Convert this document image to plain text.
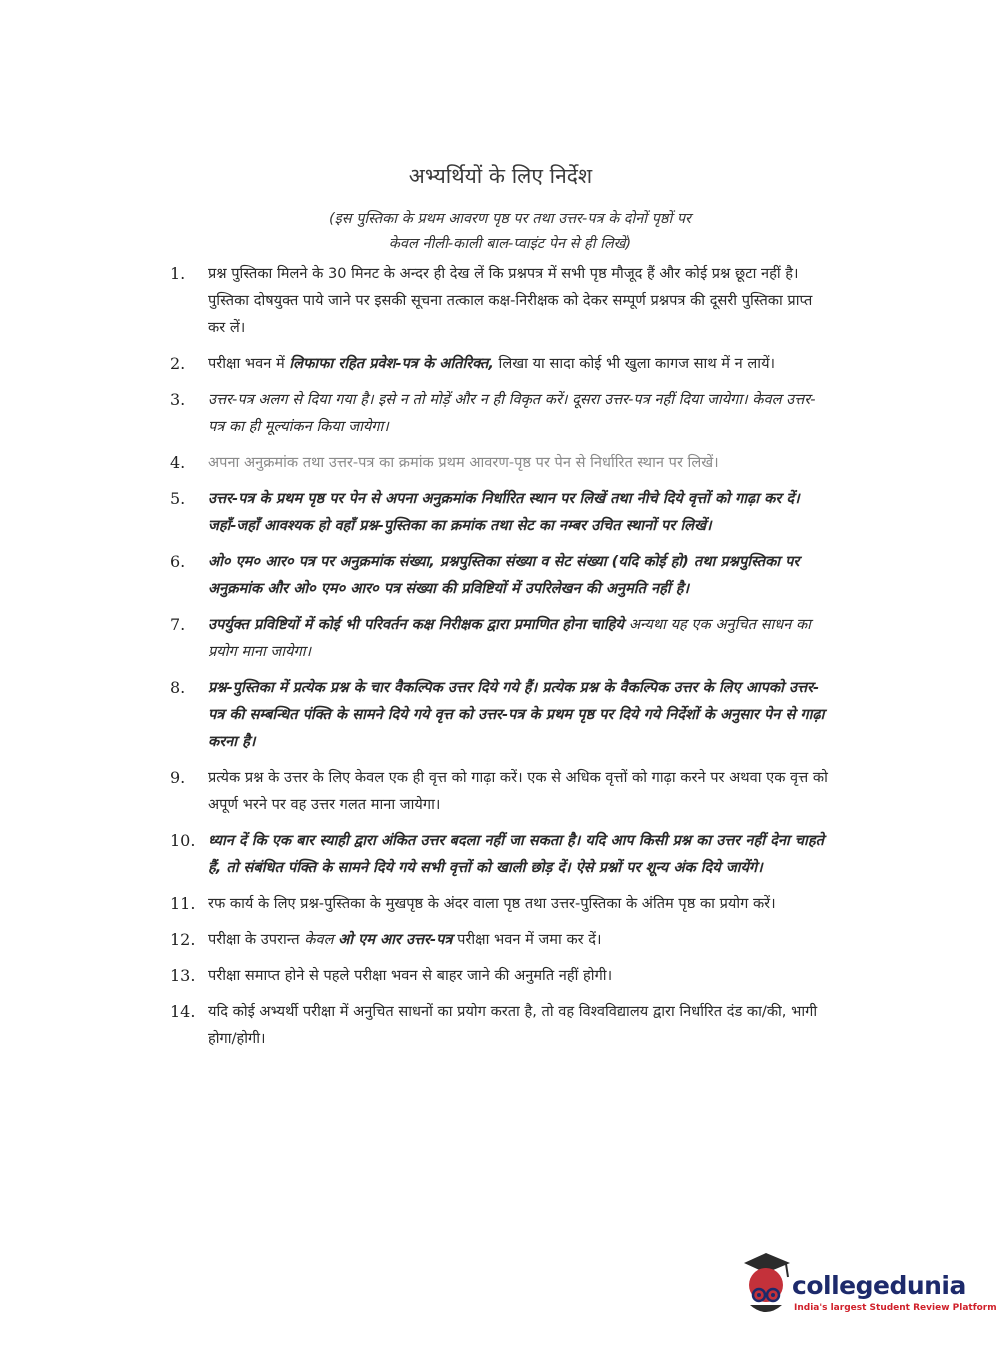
अभ्यर्थियों के लिए निर्देश
(इस पुस्तिका के प्रथम आवरण पृष्ठ पर तथा उत्तर-पत्र के दोनों पृष्ठों पर
केवल नीली-काली बाल-प्वाइंट पेन से ही लिखें)
1.	प्रश्न पुस्तिका मिलने के 30 मिनट के अन्दर ही देख लें कि प्रश्नपत्र में सभी पृष्ठ मौजूद हैं और कोई प्रश्न छूटा नहीं है। पुस्तिका दोषयुक्त पाये जाने पर इसकी सूचना तत्काल कक्ष-निरीक्षक को देकर सम्पूर्ण प्रश्नपत्र की दूसरी पुस्तिका प्राप्त कर लें।
2.	परीक्षा भवन में लिफाफा रहित प्रवेश-पत्र के अतिरिक्त, लिखा या सादा कोई भी खुला कागज साथ में न लायें।
3.	उत्तर-पत्र अलग से दिया गया है। इसे न तो मोड़ें और न ही विकृत करें। दूसरा उत्तर-पत्र नहीं दिया जायेगा। केवल उत्तर-पत्र का ही मूल्यांकन किया जायेगा।
4.	अपना अनुक्रमांक तथा उत्तर-पत्र का क्रमांक प्रथम आवरण-पृष्ठ पर पेन से निर्धारित स्थान पर लिखें।
5.	उत्तर-पत्र के प्रथम पृष्ठ पर पेन से अपना अनुक्रमांक निर्धारित स्थान पर लिखें तथा नीचे दिये वृत्तों को गाढ़ा कर दें। जहाँ-जहाँ आवश्यक हो वहाँ प्रश्न-पुस्तिका का क्रमांक तथा सेट का नम्बर उचित स्थानों पर लिखें।
6.	ओ० एम० आर० पत्र पर अनुक्रमांक संख्या, प्रश्नपुस्तिका संख्या व सेट संख्या (यदि कोई हो) तथा प्रश्नपुस्तिका पर अनुक्रमांक और ओ० एम० आर० पत्र संख्या की प्रविष्टियों में उपरिलेखन की अनुमति नहीं है।
7.	उपर्युक्त प्रविष्टियों में कोई भी परिवर्तन कक्ष निरीक्षक द्वारा प्रमाणित होना चाहिये अन्यथा यह एक अनुचित साधन का प्रयोग माना जायेगा।
8.	प्रश्न-पुस्तिका में प्रत्येक प्रश्न के चार वैकल्पिक उत्तर दिये गये हैं। प्रत्येक प्रश्न के वैकल्पिक उत्तर के लिए आपको उत्तर-पत्र की सम्बन्धित पंक्ति के सामने दिये गये वृत्त को उत्तर-पत्र के प्रथम पृष्ठ पर दिये गये निर्देशों के अनुसार पेन से गाढ़ा करना है।
9.	प्रत्येक प्रश्न के उत्तर के लिए केवल एक ही वृत्त को गाढ़ा करें। एक से अधिक वृत्तों को गाढ़ा करने पर अथवा एक वृत्त को अपूर्ण भरने पर वह उत्तर गलत माना जायेगा।
10. ध्यान दें कि एक बार स्याही द्वारा अंकित उत्तर बदला नहीं जा सकता है। यदि आप किसी प्रश्न का उत्तर नहीं देना चाहते हैं, तो संबंधित पंक्ति के सामने दिये गये सभी वृत्तों को खाली छोड़ दें। ऐसे प्रश्नों पर शून्य अंक दिये जायेंगे।
11. रफ कार्य के लिए प्रश्न-पुस्तिका के मुखपृष्ठ के अंदर वाला पृष्ठ तथा उत्तर-पुस्तिका के अंतिम पृष्ठ का प्रयोग करें।
12. परीक्षा के उपरान्त केवल ओ एम आर उत्तर-पत्र परीक्षा भवन में जमा कर दें।
13. परीक्षा समाप्त होने से पहले परीक्षा भवन से बाहर जाने की अनुमति नहीं होगी।
14. यदि कोई अभ्यर्थी परीक्षा में अनुचित साधनों का प्रयोग करता है, तो वह विश्वविद्यालय द्वारा निर्धारित दंड का/की, भागी होगा/होगी।
collegedunia
India's largest Student Review Platform
